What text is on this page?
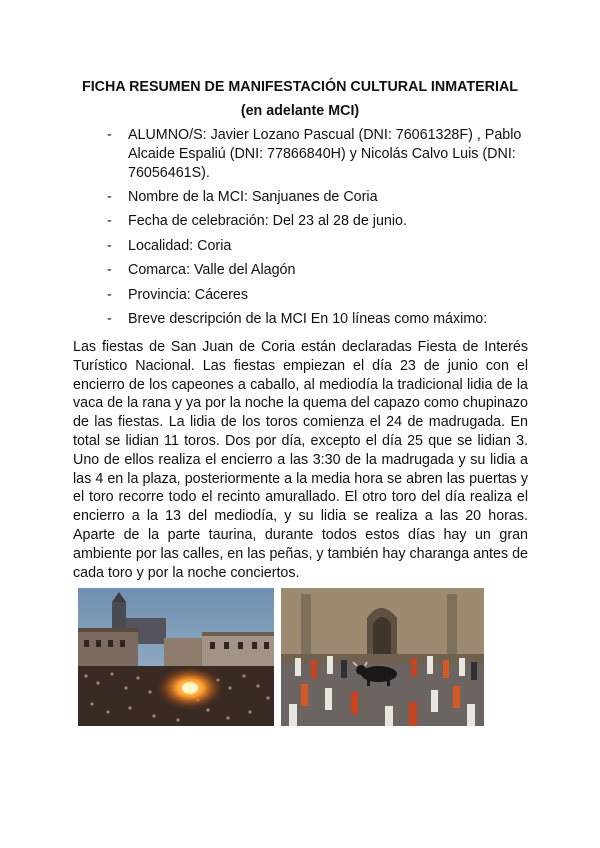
FICHA RESUMEN DE MANIFESTACIÓN CULTURAL INMATERIAL
(en adelante MCI)
- ALUMNO/S: Javier Lozano Pascual (DNI: 76061328F) , Pablo Alcaide Espaliú (DNI: 77866840H) y Nicolás Calvo Luis (DNI: 76056461S).
- Nombre de la MCI: Sanjuanes de Coria
- Fecha de celebración: Del 23 al 28 de junio.
- Localidad: Coria
- Comarca: Valle del Alagón
- Provincia: Cáceres
- Breve descripción de la MCI En 10 líneas como máximo:

Las fiestas de San Juan de Coria están declaradas Fiesta de Interés Turístico Nacional. Las fiestas empiezan el día 23 de junio con el encierro de los capeones a caballo, al mediodía la tradicional lidia de la vaca de la rana y ya por la noche la quema del capazo como chupinazo de las fiestas. La lidia de los toros comienza el 24 de madrugada. En total se lidian 11 toros. Dos por día, excepto el día 25 que se lidian 3. Uno de ellos realiza el encierro a las 3:30 de la madrugada y su lidia a las 4 en la plaza, posteriormente a la media hora se abren las puertas y el toro recorre todo el recinto amurallado. El otro toro del día realiza el encierro a la 13 del mediodía, y su lidia se realiza a las 20 horas. Aparte de la parte taurina, durante todos estos días hay un gran ambiente por las calles, en las peñas, y también hay charanga antes de cada toro y por la noche conciertos.
